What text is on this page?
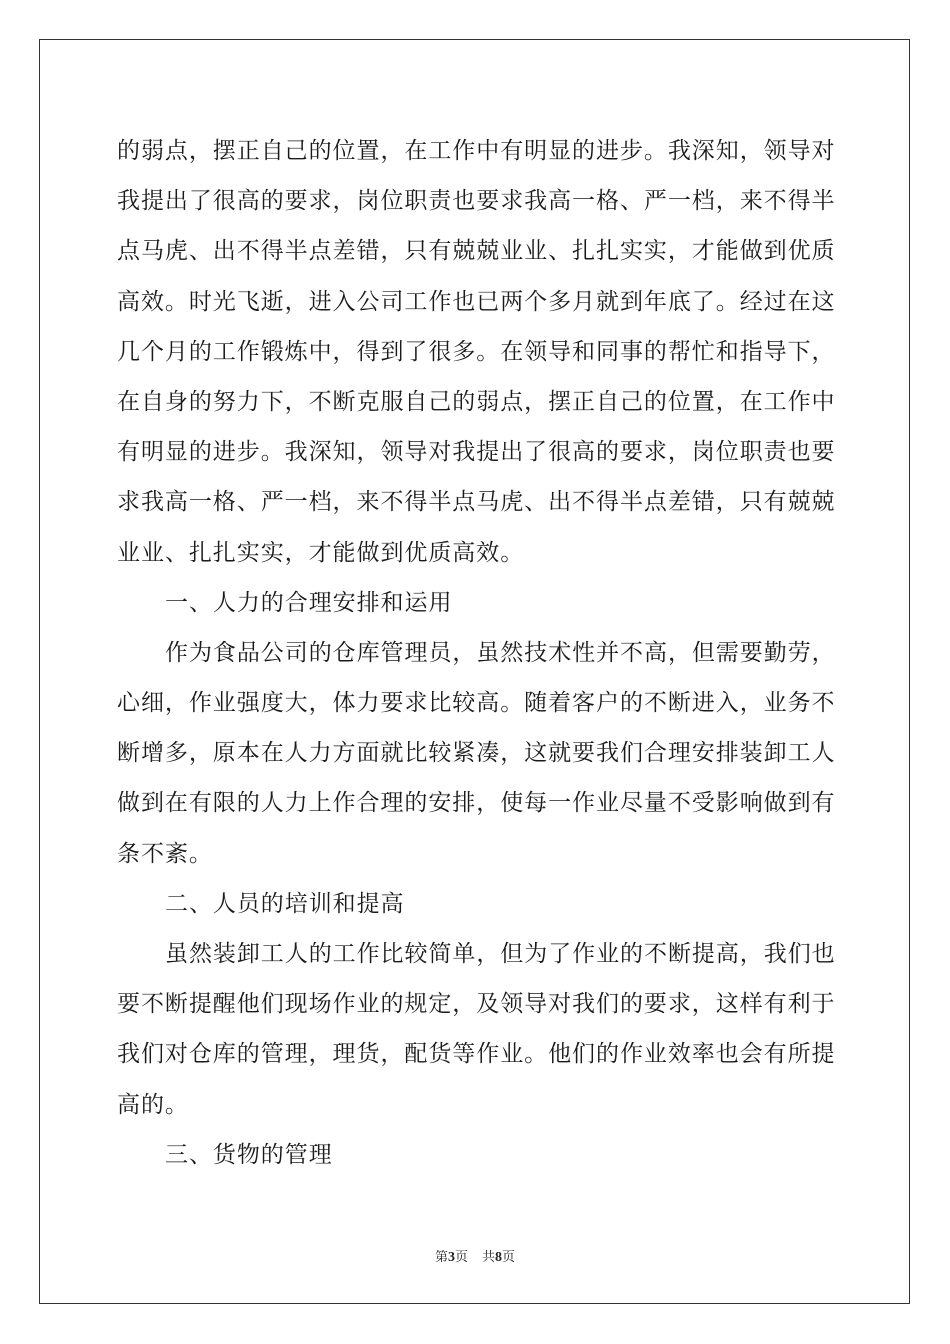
的弱点，摆正自己的位置，在工作中有明显的进步。我深知，领导对
我提出了很高的要求，岗位职责也要求我高一格、严一档，来不得半
点马虎、出不得半点差错，只有兢兢业业、扎扎实实，才能做到优质
高效。时光飞逝，进入公司工作也已两个多月就到年底了。经过在这
几个月的工作锻炼中，得到了很多。在领导和同事的帮忙和指导下，
在自身的努力下，不断克服自己的弱点，摆正自己的位置，在工作中
有明显的进步。我深知，领导对我提出了很高的要求，岗位职责也要
求我高一格、严一档，来不得半点马虎、出不得半点差错，只有兢兢
业业、扎扎实实，才能做到优质高效。
一、人力的合理安排和运用
作为食品公司的仓库管理员，虽然技术性并不高，但需要勤劳，
心细，作业强度大，体力要求比较高。随着客户的不断进入，业务不
断增多，原本在人力方面就比较紧凑，这就要我们合理安排装卸工人
做到在有限的人力上作合理的安排，使每一作业尽量不受影响做到有
条不紊。
二、人员的培训和提高
虽然装卸工人的工作比较简单，但为了作业的不断提高，我们也
要不断提醒他们现场作业的规定，及领导对我们的要求，这样有利于
我们对仓库的管理，理货，配货等作业。他们的作业效率也会有所提
高的。
三、货物的管理
第3页 共8页
